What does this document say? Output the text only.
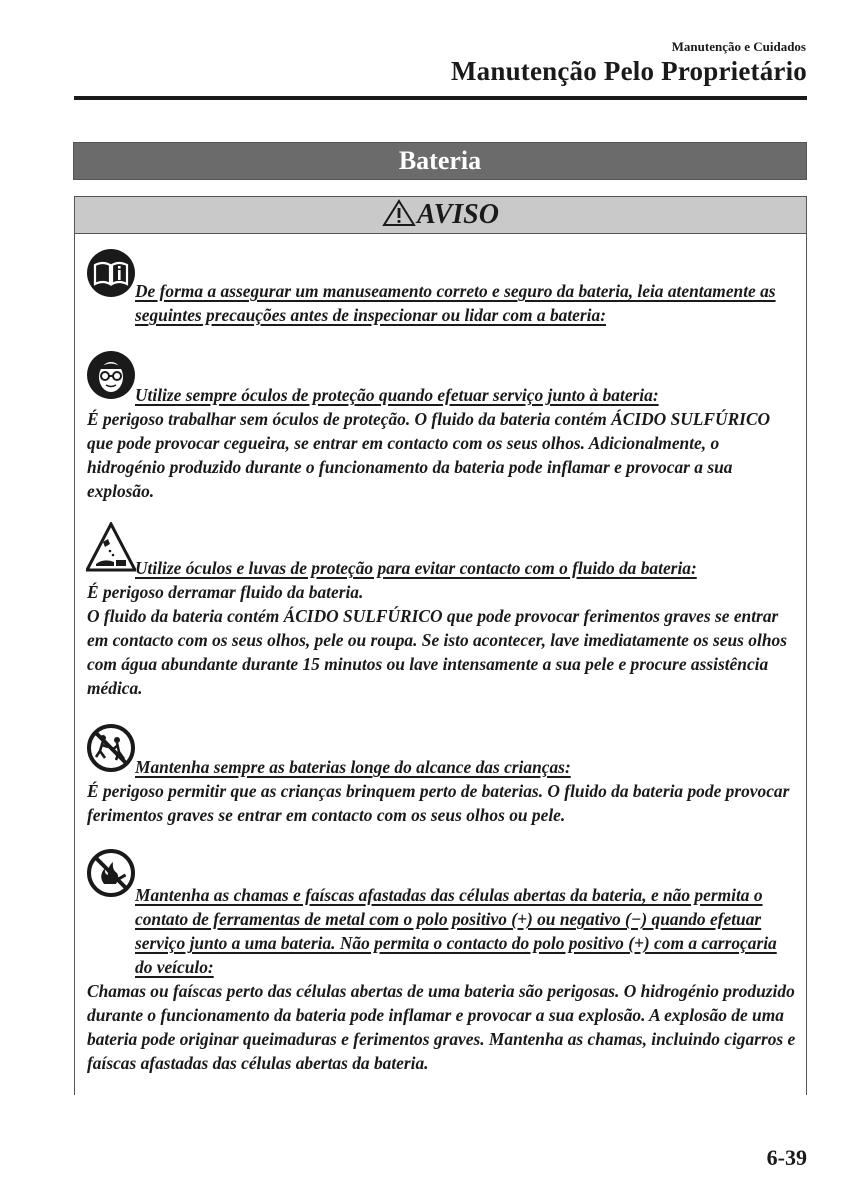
Manutenção e Cuidados
Manutenção Pelo Proprietário
Bateria
AVISO
De forma a assegurar um manuseamento correto e seguro da bateria, leia atentamente as seguintes precauções antes de inspecionar ou lidar com a bateria:
Utilize sempre óculos de proteção quando efetuar serviço junto à bateria:
É perigoso trabalhar sem óculos de proteção. O fluido da bateria contém ÁCIDO SULFÚRICO que pode provocar cegueira, se entrar em contacto com os seus olhos. Adicionalmente, o hidrogénio produzido durante o funcionamento da bateria pode inflamar e provocar a sua explosão.
Utilize óculos e luvas de proteção para evitar contacto com o fluido da bateria:
É perigoso derramar fluido da bateria.
O fluido da bateria contém ÁCIDO SULFÚRICO que pode provocar ferimentos graves se entrar em contacto com os seus olhos, pele ou roupa. Se isto acontecer, lave imediatamente os seus olhos com água abundante durante 15 minutos ou lave intensamente a sua pele e procure assistência médica.
Mantenha sempre as baterias longe do alcance das crianças:
É perigoso permitir que as crianças brinquem perto de baterias. O fluido da bateria pode provocar ferimentos graves se entrar em contacto com os seus olhos ou pele.
Mantenha as chamas e faíscas afastadas das células abertas da bateria, e não permita o contato de ferramentas de metal com o polo positivo (+) ou negativo (−) quando efetuar serviço junto a uma bateria. Não permita o contacto do polo positivo (+) com a carroçaria do veículo:
Chamas ou faíscas perto das células abertas de uma bateria são perigosas. O hidrogénio produzido durante o funcionamento da bateria pode inflamar e provocar a sua explosão. A explosão de uma bateria pode originar queimaduras e ferimentos graves. Mantenha as chamas, incluindo cigarros e faíscas afastadas das células abertas da bateria.
6-39
